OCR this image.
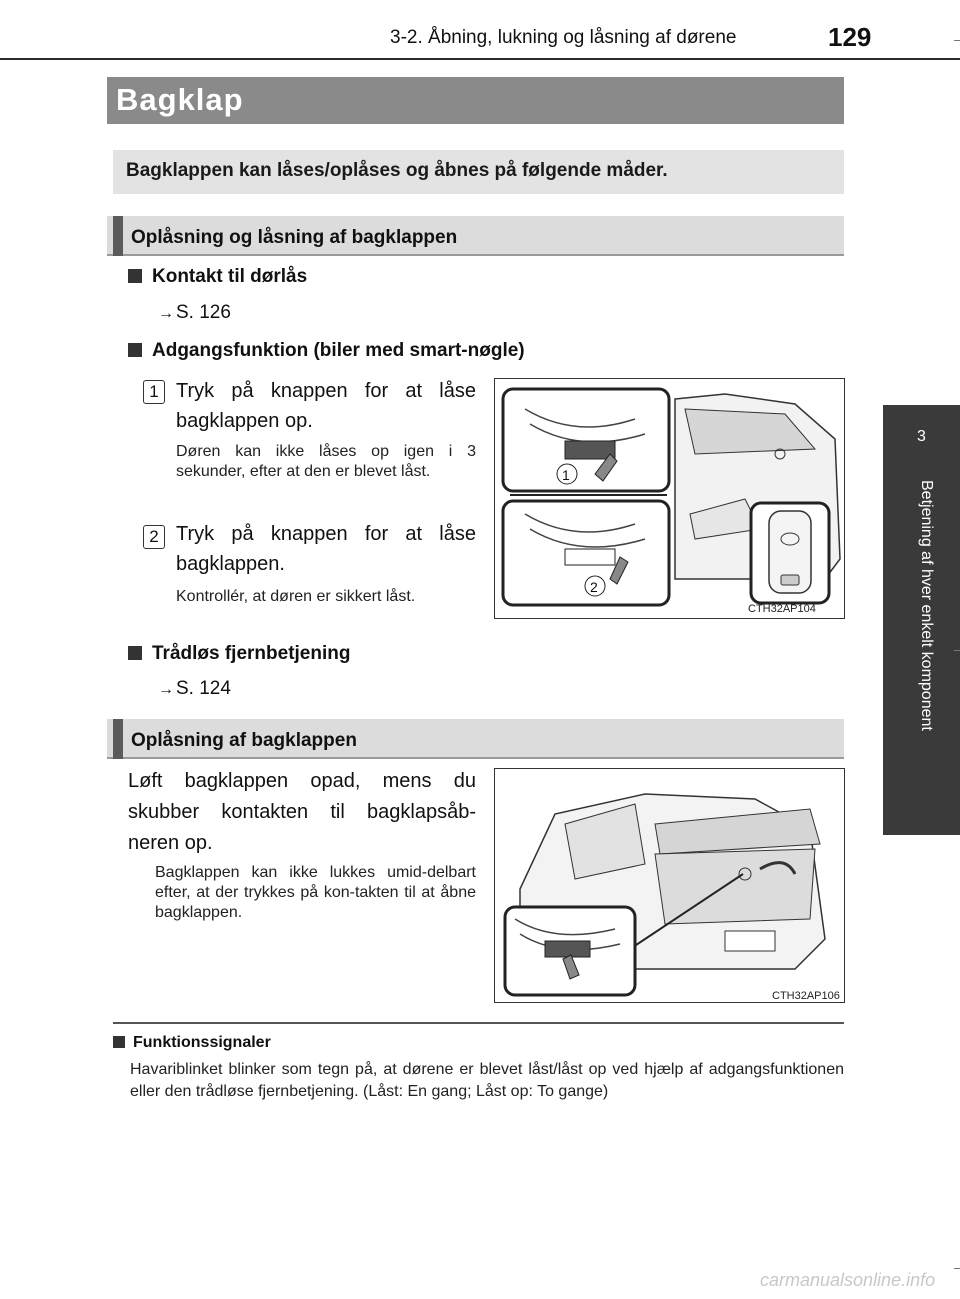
3-2. Åbning, lukning og låsning af dørene	129
3
Betjening af hver enkelt komponent
Bagklap
Bagklappen kan låses/oplåses og åbnes på følgende måder.
Oplåsning og låsning af bagklappen
Kontakt til dørlås
→ S. 126
Adgangsfunktion (biler med smart-nøgle)
1 Tryk på knappen for at låse bagklappen op.
Døren kan ikke låses op igen i 3 sekunder, efter at den er blevet låst.
2 Tryk på knappen for at låse bagklappen.
Kontrollér, at døren er sikkert låst.
1
2
CTH32AP104
Trådløs fjernbetjening
→ S. 124
Oplåsning af bagklappen
Løft bagklappen opad, mens du skubber kontakten til bagklapsåb-neren op.
Bagklappen kan ikke lukkes umid-delbart efter, at der trykkes på kon-takten til at åbne bagklappen.
CTH32AP106
Funktionssignaler
Havariblinket blinker som tegn på, at dørene er blevet låst/låst op ved hjælp af adgangsfunktionen eller den trådløse fjernbetjening. (Låst: En gang; Låst op: To gange)
carmanualsonline.info
